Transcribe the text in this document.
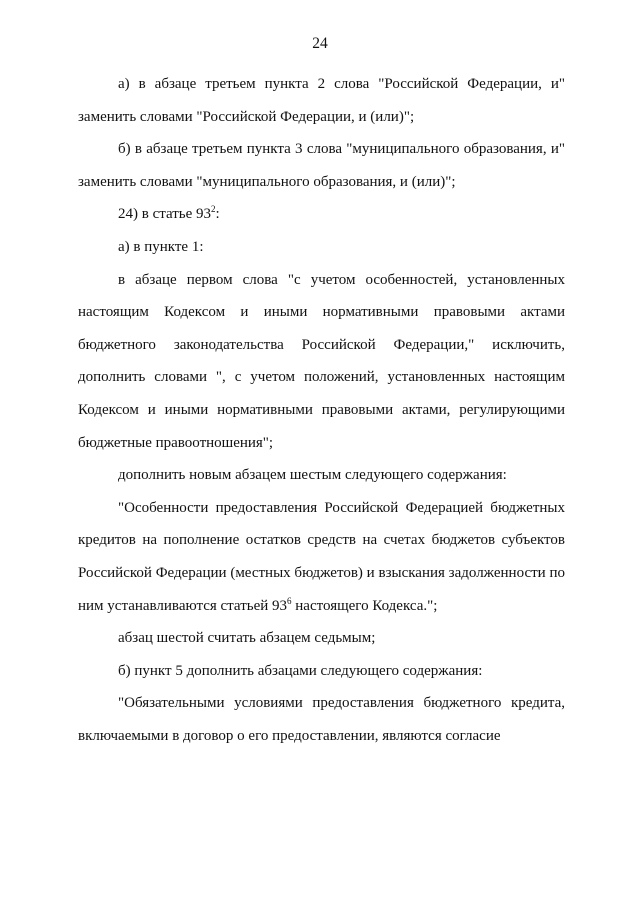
24

а) в абзаце третьем пункта 2 слова "Российской Федерации, и" заменить словами "Российской Федерации, и (или)";

б) в абзаце третьем пункта 3 слова "муниципального образования, и" заменить словами "муниципального образования, и (или)";

24) в статье $93^2$:

а) в пункте 1:

в абзаце первом слова "с учетом особенностей, установленных настоящим Кодексом и иными нормативными правовыми актами бюджетного законодательства Российской Федерации," исключить, дополнить словами ", с учетом положений, установленных настоящим Кодексом и иными нормативными правовыми актами, регулирующими бюджетные правоотношения";

дополнить новым абзацем шестым следующего содержания:

"Особенности предоставления Российской Федерацией бюджетных кредитов на пополнение остатков средств на счетах бюджетов субъектов Российской Федерации (местных бюджетов) и взыскания задолженности по ним устанавливаются статьей $93^6$ настоящего Кодекса.";

абзац шестой считать абзацем седьмым;

б) пункт 5 дополнить абзацами следующего содержания:

"Обязательными условиями предоставления бюджетного кредита, включаемыми в договор о его предоставлении, являются согласие
